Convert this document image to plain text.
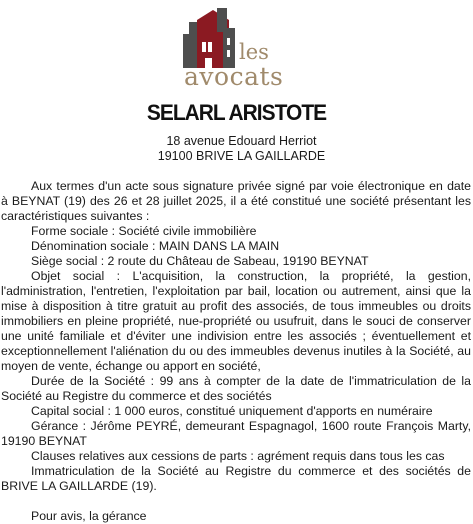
les
avocats
SELARL ARISTOTE
18 avenue Edouard Herriot
19100 BRIVE LA GAILLARDE

Aux termes d'un acte sous signature privée signé par voie électronique en date à BEYNAT (19) des 26 et 28 juillet 2025, il a été constitué une société présentant les caractéristiques suivantes :

Forme sociale : Société civile immobilière

Dénomination sociale : MAIN DANS LA MAIN

Siège social : 2 route du Château de Sabeau, 19190 BEYNAT

Objet social : L'acquisition, la construction, la propriété, la gestion, l'administration, l'entretien, l'exploitation par bail, location ou autrement, ainsi que la mise à disposition à titre gratuit au profit des associés, de tous immeubles ou droits immobiliers en pleine propriété, nue-propriété ou usufruit, dans le souci de conserver une unité familiale et d'éviter une indivision entre les associés ; éventuellement et exceptionnellement l'aliénation du ou des immeubles devenus inutiles à la Société, au moyen de vente, échange ou apport en société,

Durée de la Société : 99 ans à compter de la date de l'immatriculation de la Société au Registre du commerce et des sociétés

Capital social : 1 000 euros, constitué uniquement d'apports en numéraire

Gérance : Jérôme PEYRÉ, demeurant Espagnagol, 1600 route François Marty, 19190 BEYNAT

Clauses relatives aux cessions de parts : agrément requis dans tous les cas

Immatriculation de la Société au Registre du commerce et des sociétés de BRIVE LA GAILLARDE (19).

Pour avis, la gérance
